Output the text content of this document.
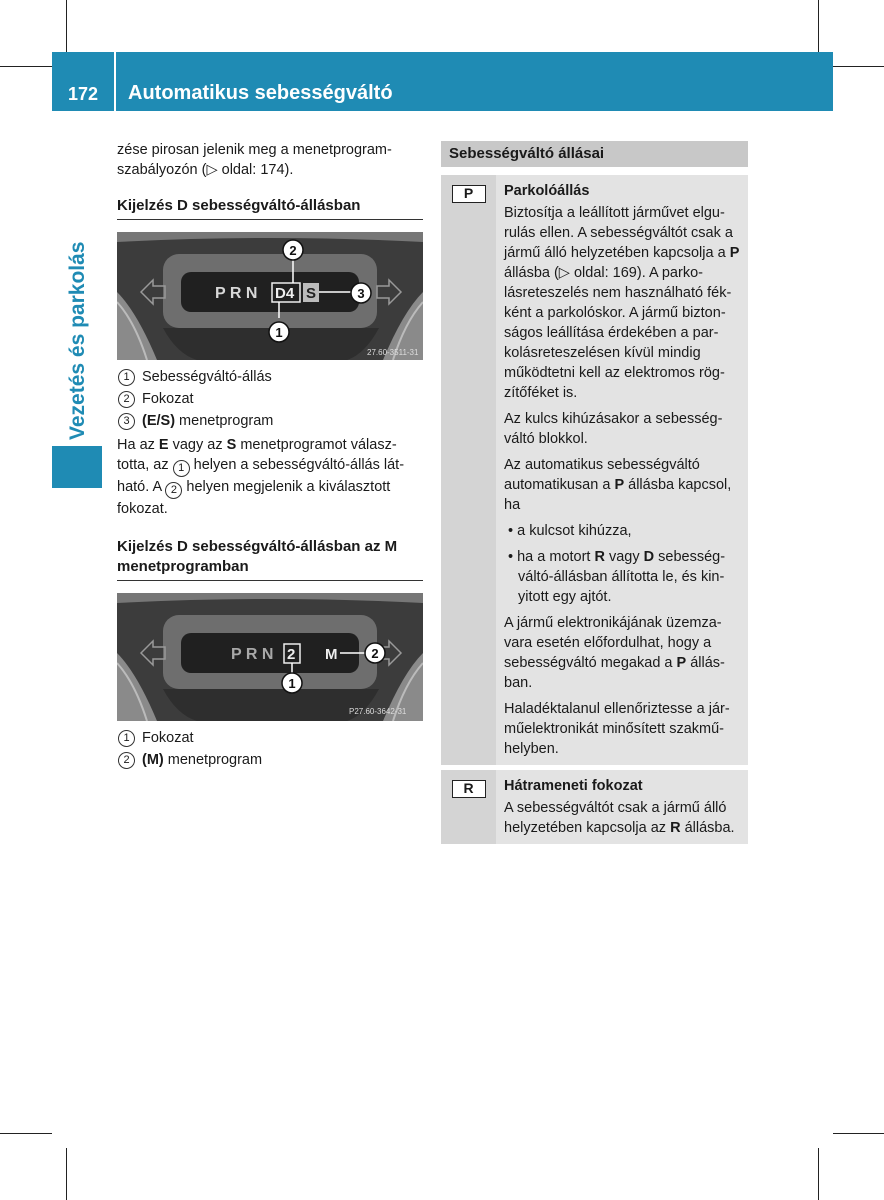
172 Automatikus sebességváltó
Vezetés és parkolás

zése pirosan jelenik meg a menetprogram-szabályozón (▷ oldal: 174).

Kijelzés D sebességváltó-állásban
P R N D4 S
2
3
1
27.60-3511-31
1 Sebességváltó-állás
2 Fokozat
3 (E/S) menetprogram

Ha az E vagy az S menetprogramot válasz-totta, az 1 helyen a sebességváltó-állás lát-ható. A 2 helyen megjelenik a kiválasztott fokozat.

Kijelzés D sebességváltó-állásban az M menetprogramban
P R N 2 M	2
1
P27.60-3642-31
1 Fokozat
2 (M) menetprogram
Sebességváltó állásai
P	Parkolóállás

Biztosítja a leállított járművet elgu-rulás ellen. A sebességváltót csak a jármű álló helyzetében kapcsolja a P állásba (▷ oldal: 169). A parko-lásreteszelés nem használható fék-ként a parkolóskor. A jármű bizton-ságos leállítása érdekében a par-kolásreteszelésen kívül mindig működtetni kell az elektromos rög-zítőféket is.

Az kulcs kihúzásakor a sebesség-váltó blokkol.

Az automatikus sebességváltó automatikusan a P állásba kapcsol, ha

• a kulcsot kihúzza,

• ha a motort R vagy D sebesség-váltó-állásban állította le, és kin-yitott egy ajtót.

A jármű elektronikájának üzemza-vara esetén előfordulhat, hogy a sebességváltó megakad a P állás-ban.

Haladéktalanul ellenőriztesse a jár-műelektronikát minősített szakmű-helyben.

R	Hátrameneti fokozat

A sebességváltót csak a jármű álló helyzetében kapcsolja az R állásba.
